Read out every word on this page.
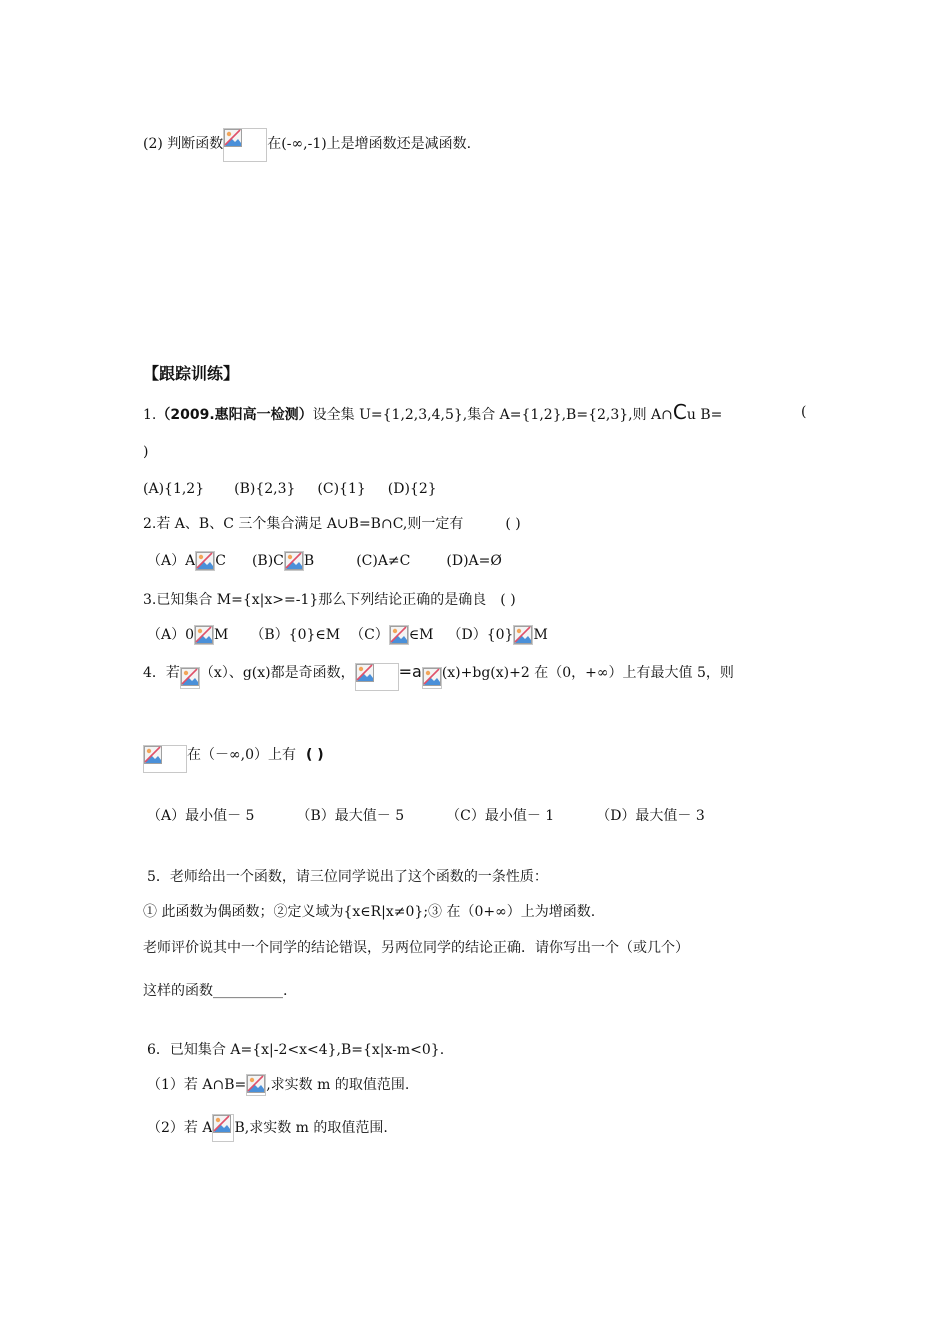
(2) 判断函数	在(-∞,-1)上是增函数还是减函数.
【跟踪训练】
1.（2009.惠阳高一检测）设全集 U={1,2,3,4,5},集合 A={1,2},B={2,3},则 A∩Cu B=	(
)
(A){1,2} (B){2,3} (C){1} (D){2}
2.若 A、B、C 三个集合满足 A∪B=B∩C,则一定有	( )
（A）A C (B)C B	(C)A≠C	(D)A=Ø
3.已知集合 M={x|x>=-1}那么下列结论正确的是确良 ( )
（A）0 M （B）{0}∈M （C） ∈M （D）{0} M
4．若 （x）、g(x)都是奇函数，	=a (x)+bg(x)+2 在（0，+∞）上有最大值 5，则
在（－∞,0）上有 ( )
（A）最小值－ 5	（B）最大值－ 5	（C）最小值－ 1	（D）最大值－ 3
5．老师给出一个函数，请三位同学说出了这个函数的一条性质：
① 此函数为偶函数；②定义域为{x∈R|x≠0};③ 在（0+∞）上为增函数.
老师评价说其中一个同学的结论错误，另两位同学的结论正确．请你写出一个（或几个）
这样的函数__________.
6．已知集合 A={x|-2<x<4},B={x|x-m<0}.
（1）若 A∩B= ,求实数 m 的取值范围.
（2）若 A B,求实数 m 的取值范围.
